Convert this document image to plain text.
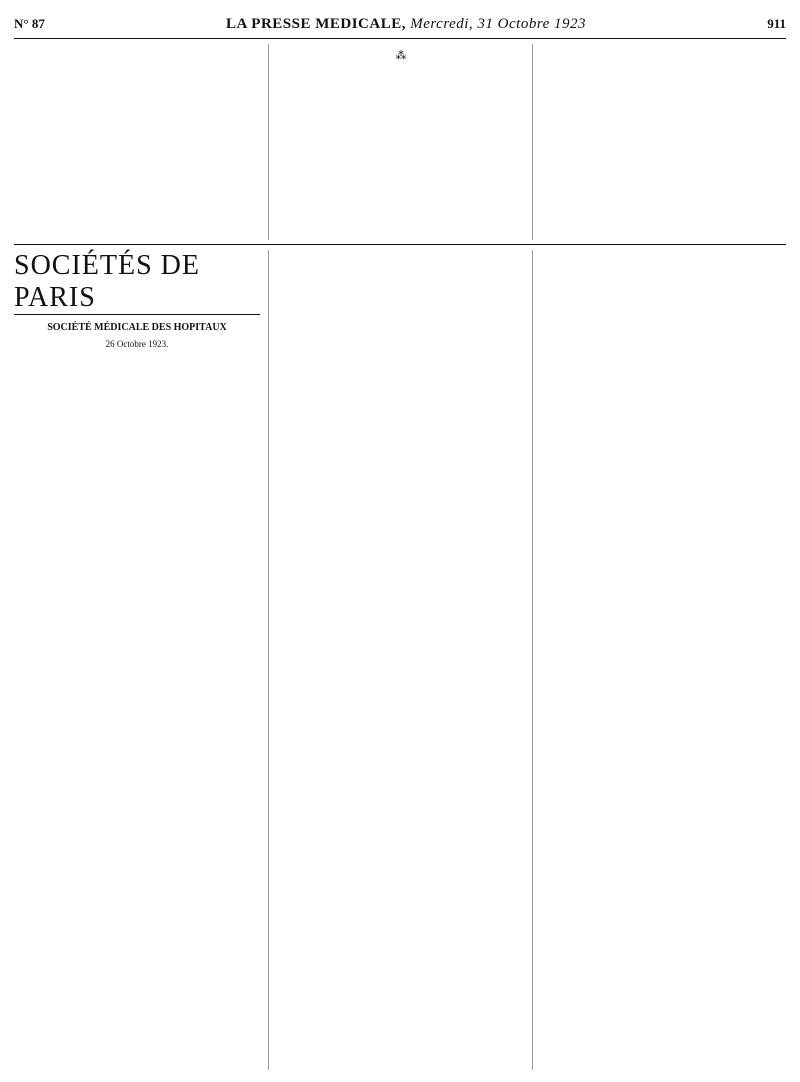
N° 87	LA PRESSE MEDICALE, Mercredi, 31 Octobre 1923	911
⁂
SOCIÉTÉS DE PARIS
SOCIÉTÉ MÉDICALE DES HOPITAUX
26 Octobre 1923.
